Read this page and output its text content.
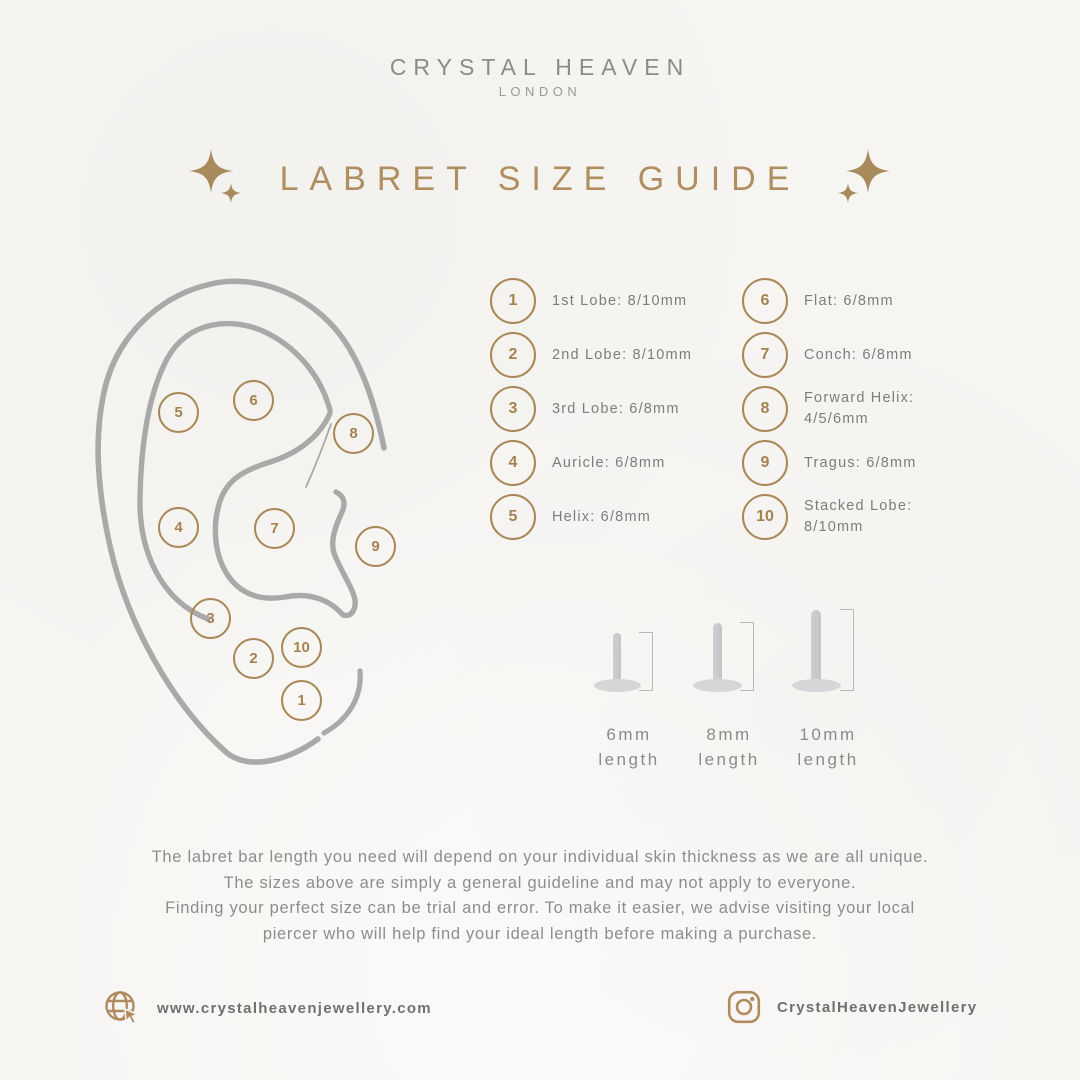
CRYSTAL HEAVEN
LONDON
LABRET SIZE GUIDE
1
2
3
4
5
6
7
8
9
10
1 1st Lobe: 8/10mm
2 2nd Lobe: 8/10mm
3 3rd Lobe: 6/8mm
4 Auricle: 6/8mm
5 Helix: 6/8mm
6 Flat: 6/8mm
7 Conch: 6/8mm
8
Forward Helix: 4/5/6mm
9 Tragus: 6/8mm
10
Stacked Lobe: 8/10mm
6mm
length
8mm
length
10mm
length
The labret bar length you need will depend on your individual skin thickness as we are all unique.
The sizes above are simply a general guideline and may not apply to everyone.
Finding your perfect size can be trial and error. To make it easier, we advise visiting your local
piercer who will help find your ideal length before making a purchase.
www.crystalheavenjewellery.com	CrystalHeavenJewellery
